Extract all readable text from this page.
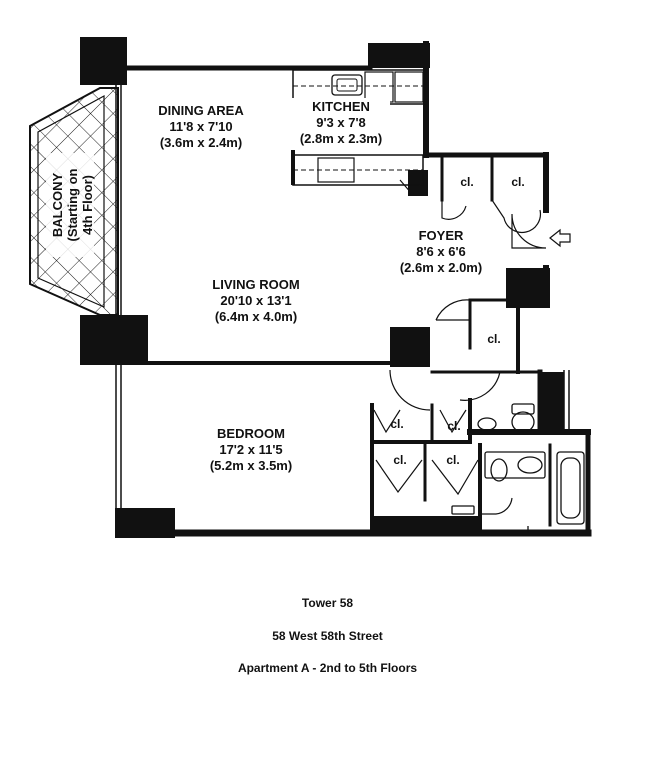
BALCONY (Starting on 4th Floor)
DINING AREA
11'8 x 7'10
(3.6m x 2.4m)
KITCHEN
9'3 x 7'8
(2.8m x 2.3m)
FOYER
8'6 x 6'6
(2.6m x 2.0m)
LIVING ROOM
20'10 x 13'1
(6.4m x 4.0m)
BEDROOM
17'2 x 11'5
(5.2m x 3.5m)
cl.	cl.
cl.
cl.	cl.
cl.	cl.
Tower 58
58 West 58th Street
Apartment A - 2nd to 5th Floors
